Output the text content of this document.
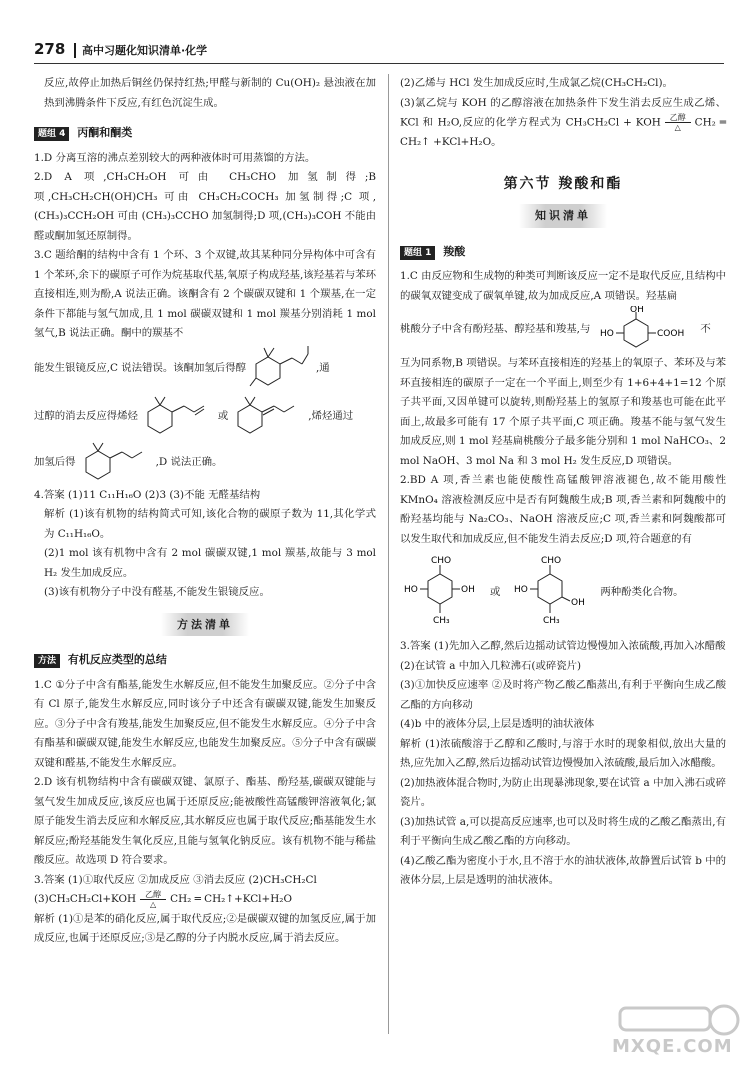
278 高中习题化知识清单·化学

反应,故停止加热后铜丝仍保持红热;甲醛与新制的 Cu(OH)₂ 悬浊液在加热到沸腾条件下反应,有红色沉淀生成。

题组 4 丙酮和酮类

1.D 分离互溶的沸点差别较大的两种液体时可用蒸馏的方法。

2.D A 项,CH₃CH₂OH 可由 CH₃CHO 加氢制得;B 项,CH₃CH₂CH(OH)CH₃ 可由 CH₃CH₂COCH₃ 加氢制得;C 项,(CH₃)₃CCH₂OH 可由 (CH₃)₃CCHO 加氢制得;D 项,(CH₃)₃COH 不能由醛或酮加氢还原制得。

3.C 题给酮的结构中含有 1 个环、3 个双键,故其某种同分异构体中可含有 1 个苯环,余下的碳原子可作为烷基取代基,氧原子构成羟基,该羟基若与苯环直接相连,则为酚,A 说法正确。该酮含有 2 个碳碳双键和 1 个羰基,在一定条件下都能与氢气加成,且 1 mol 碳碳双键和 1 mol 羰基分别消耗 1 mol 氢气,B 说法正确。酮中的羰基不

能发生银镜反应,C 说法错误。该酮加氢后得醇	,通

过醇的消去反应得烯烃	或	,烯烃通过

加氢后得	,D 说法正确。

4.答案 (1)11 C₁₁H₁₆O (2)3 (3)不能 无醛基结构

解析 (1)该有机物的结构简式可知,该化合物的碳原子数为 11,其化学式为 C₁₁H₁₆O。

(2)1 mol 该有机物中含有 2 mol 碳碳双键,1 mol 羰基,故能与 3 mol H₂ 发生加成反应。

(3)该有机物分子中没有醛基,不能发生银镜反应。

方法清单
方法 有机反应类型的总结

1.C ①分子中含有酯基,能发生水解反应,但不能发生加聚反应。②分子中含有 Cl 原子,能发生水解反应,同时该分子中还含有碳碳双键,能发生加聚反应。③分子中含有羧基,能发生加聚反应,但不能发生水解反应。④分子中含有酯基和碳碳双键,能发生水解反应,也能发生加聚反应。⑤分子中含有碳碳双键和醛基,不能发生水解反应。

2.D 该有机物结构中含有碳碳双键、氯原子、酯基、酚羟基,碳碳双键能与氢气发生加成反应,该反应也属于还原反应;能被酸性高锰酸钾溶液氧化;氯原子能发生消去反应和水解反应,其水解反应也属于取代反应;酯基能发生水解反应;酚羟基能发生氧化反应,且能与氢氧化钠反应。该有机物不能与稀盐酸反应。故选项 D 符合要求。

3.答案 (1)①取代反应 ②加成反应 ③消去反应 (2)CH₃CH₂Cl

(3)CH₃CH₂Cl+KOH 乙醇
△ CH₂ ═ CH₂↑+KCl+H₂O

解析 (1)①是苯的硝化反应,属于取代反应;②是碳碳双键的加氢反应,属于加成反应,也属于还原反应;③是乙醇的分子内脱水反应,属于消去反应。

(2)乙烯与 HCl 发生加成反应时,生成氯乙烷(CH₃CH₂Cl)。

(3)氯乙烷与 KOH 的乙醇溶液在加热条件下发生消去反应生成乙烯、KCl 和 H₂O,反应的化学方程式为 CH₃CH₂Cl + KOH 乙醇
△ CH₂ ═ CH₂↑ +KCl+H₂O。

第六节 羧酸和酯
知识清单
题组 1 羧酸

1.C 由反应物和生成物的种类可判断该反应一定不是取代反应,且结构中的碳氧双键变成了碳氧单键,故为加成反应,A 项错误。羟基扁

桃酸分子中含有酚羟基、醇羟基和羧基,与
OH
HO	COOH 不

互为同系物,B 项错误。与苯环直接相连的羟基上的氧原子、苯环及与苯环直接相连的碳原子一定在一个平面上,则至少有 1+6+4+1=12 个原子共平面,又因单键可以旋转,则酚羟基上的氢原子和羧基也可能在此平面上,故最多可能有 17 个原子共平面,C 项正确。羧基不能与氢气发生加成反应,则 1 mol 羟基扁桃酸分子最多能分别和 1 mol NaHCO₃、2 mol NaOH、3 mol Na 和 3 mol H₂ 发生反应,D 项错误。

2.BD A 项,香兰素也能使酸性高锰酸钾溶液褪色,故不能用酸性 KMnO₄ 溶液检测反应中是否有阿魏酸生成;B 项,香兰素和阿魏酸中的酚羟基均能与 Na₂CO₃、NaOH 溶液反应;C 项,香兰素和阿魏酸都可以发生取代和加成反应,但不能发生消去反应;D 项,符合题意的有

CHO
HO	OH
CH₃
或
CHO
HO
OH
CH₃
两种酚类化合物。

3.答案 (1)先加入乙醇,然后边摇动试管边慢慢加入浓硫酸,再加入冰醋酸

(2)在试管 a 中加入几粒沸石(或碎瓷片)

(3)①加快反应速率 ②及时将产物乙酸乙酯蒸出,有利于平衡向生成乙酸乙酯的方向移动

(4)b 中的液体分层,上层是透明的油状液体

解析 (1)浓硫酸溶于乙醇和乙酸时,与溶于水时的现象相似,放出大量的热,应先加入乙醇,然后边摇动试管边慢慢加入浓硫酸,最后加入冰醋酸。

(2)加热液体混合物时,为防止出现暴沸现象,要在试管 a 中加入沸石或碎瓷片。

(3)加热试管 a,可以提高反应速率,也可以及时将生成的乙酸乙酯蒸出,有利于平衡向生成乙酸乙酯的方向移动。

(4)乙酸乙酯为密度小于水,且不溶于水的油状液体,故静置后试管 b 中的液体分层,上层是透明的油状液体。

MXQE.COM
